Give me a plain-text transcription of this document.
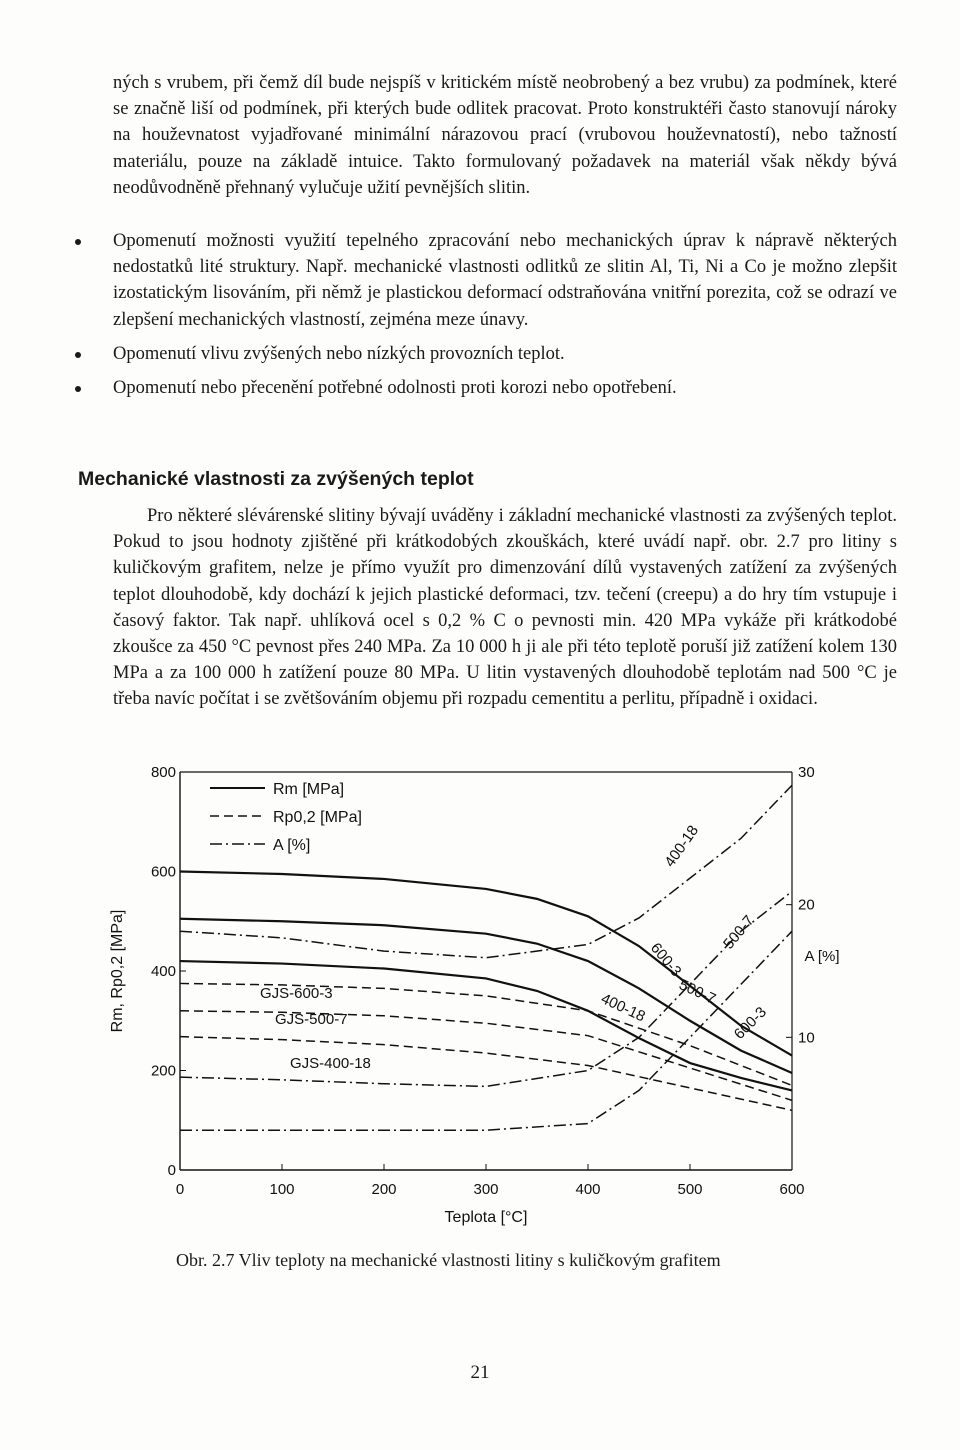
ných s vrubem, při čemž díl bude nejspíš v kritickém místě neobrobený a bez vrubu) za podmínek, které se značně liší od podmínek, při kterých bude odlitek pracovat. Proto konstruktéři často stanovují nároky na houževnatost vyjadřované minimální nárazovou prací (vrubovou houževnatostí), nebo tažností materiálu, pouze na základě intuice. Takto formulovaný požadavek na materiál však někdy bývá neodůvodněně přehnaný vylučuje užití pevnějších slitin.

Opomenutí možnosti využití tepelného zpracování nebo mechanických úprav k nápravě některých nedostatků lité struktury. Např. mechanické vlastnosti odlitků ze slitin Al, Ti, Ni a Co je možno zlepšit izostatickým lisováním, při němž je plastickou deformací odstraňována vnitřní porezita, což se odrazí ve zlepšení mechanických vlastností, zejména meze únavy.
Opomenutí vlivu zvýšených nebo nízkých provozních teplot.
Opomenutí nebo přecenění potřebné odolnosti proti korozi nebo opotřebení.
Mechanické vlastnosti za zvýšených teplot

Pro některé slévárenské slitiny bývají uváděny i základní mechanické vlastnosti za zvýšených teplot. Pokud to jsou hodnoty zjištěné při krátkodobých zkouškách, které uvádí např. obr. 2.7 pro litiny s kuličkovým grafitem, nelze je přímo využít pro dimenzování dílů vystavených zatížení za zvýšených teplot dlouhodobě, kdy dochází k jejich plastické deformaci, tzv. tečení (creepu) a do hry tím vstupuje i časový faktor. Tak např. uhlíková ocel s 0,2 % C o pevnosti min. 420 MPa vykáže při krátkodobé zkoušce za 450 °C pevnost přes 240 MPa. Za 10 000 h ji ale při této teplotě poruší již zatížení kolem 130 MPa a za 100 000 h zatížení pouze 80 MPa. U litin vystavených dlouhodobě teplotám nad 500 °C je třeba navíc počítat i se zvětšováním objemu při rozpadu cementitu a perlitu, případně i oxidaci.

0	100	200	300	400	500	600
0
200
400
600
800
10
20
30
Teplota [°C]
Rm, Rp0,2 [MPa]	A [%]
Rm [MPa]
Rp0,2 [MPa]
A [%]
GJS-600-3
GJS-500-7
GJS-400-18
400-18
600-3
500-7
400-18
500-7
600-3

Obr. 2.7 Vliv teploty na mechanické vlastnosti litiny s kuličkovým grafitem

21
